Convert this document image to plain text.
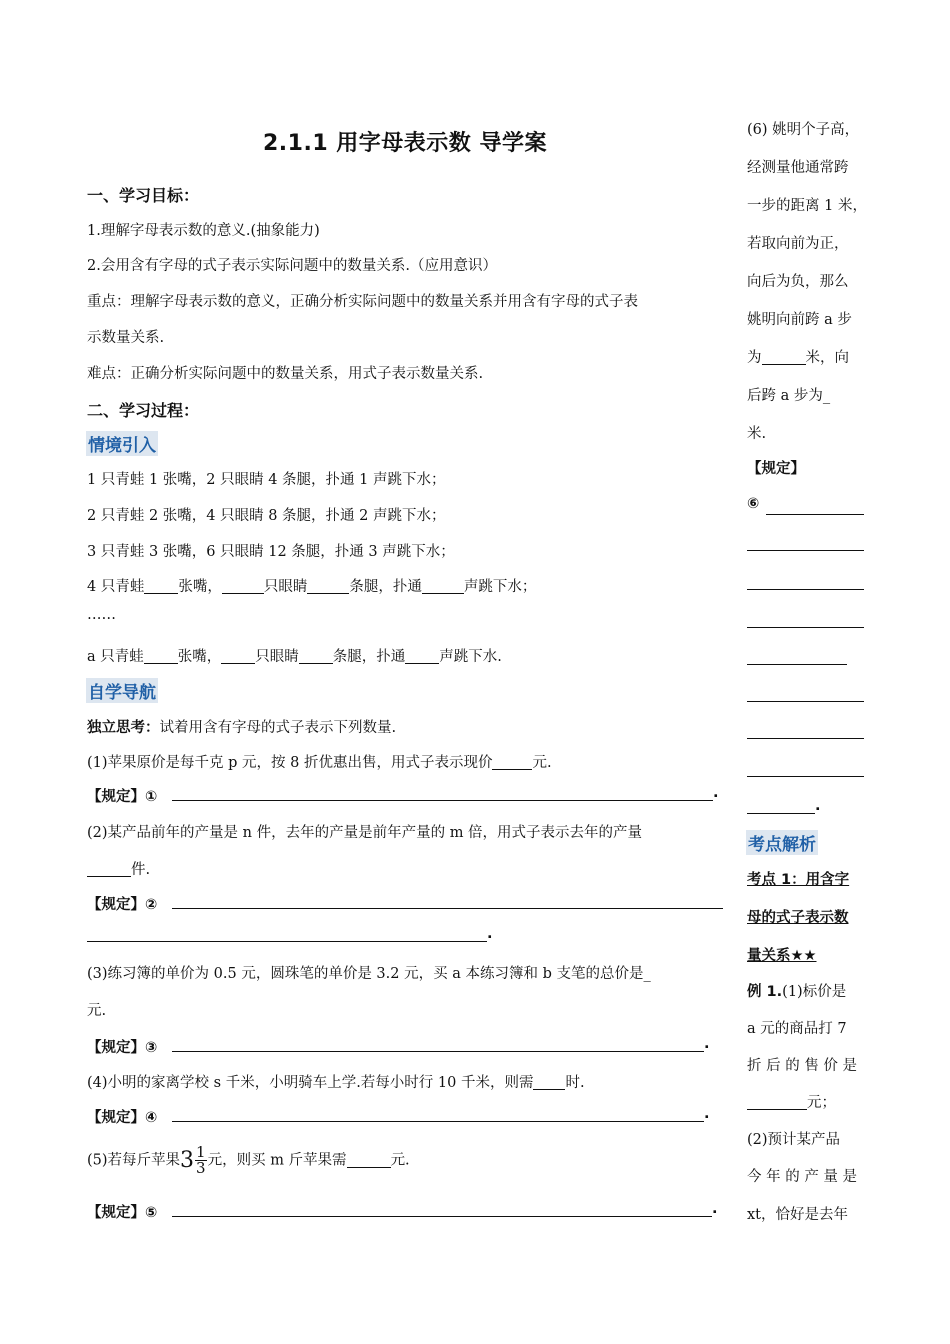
2.1.1 用字母表示数 导学案
一、学习目标：
1.理解字母表示数的意义.(抽象能力)
2.会用含有字母的式子表示实际问题中的数量关系.（应用意识）
重点：理解字母表示数的意义，正确分析实际问题中的数量关系并用含有字母的式子表
示数量关系.
难点：正确分析实际问题中的数量关系，用式子表示数量关系.
二、学习过程：
情境引入
1 只青蛙 1 张嘴，2 只眼睛 4 条腿，扑通 1 声跳下水；
2 只青蛙 2 张嘴，4 只眼睛 8 条腿，扑通 2 声跳下水；
3 只青蛙 3 张嘴，6 只眼睛 12 条腿，扑通 3 声跳下水；
4 只青蛙 张嘴，	只眼睛	条腿，扑通	声跳下水；
……
a 只青蛙 张嘴， 只眼睛 条腿，扑通 声跳下水.
自学导航
独立思考：试着用含有字母的式子表示下列数量.
(1)苹果原价是每千克 p 元，按 8 折优惠出售，用式子表示现价	元.
【规定】①	.
(2)某产品前年的产量是 n 件，去年的产量是前年产量的 m 倍，用式子表示去年的产量
件.
【规定】②
.
(3)练习簿的单价为 0.5 元，圆珠笔的单价是 3.2 元，买 a 本练习簿和 b 支笔的总价是_
元.
【规定】③	.
(4)小明的家离学校 s 千米，小明骑车上学.若每小时行 10 千米，则需 时.
【规定】④	.
(5)若每斤苹果$3 \frac{1}{3}$ 元，则买 m 斤苹果需	元.
【规定】⑤	.
(6) 姚明个子高，
经测量他通常跨
一步的距离 1 米，
若取向前为正，
向后为负，那么
姚明向前跨 a 步
为	米，向
后跨 a 步为_
米.
【规定】
⑥
.
考点解析
考点 1：用含字
母的式子表示数
量关系★★
例 1.(1)标价是
a 元的商品打 7
折 后 的 售 价 是
元；
(2)预计某产品
今 年 的 产 量 是
xt，恰好是去年
